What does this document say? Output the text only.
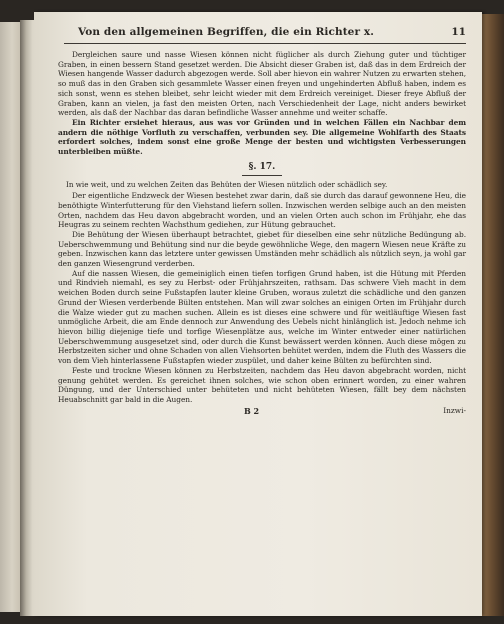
Von den allgemeinen Begriffen, die ein Richter x.	11

Dergleichen saure und nasse Wiesen können nicht füglicher als durch Ziehung guter und tüchtiger Graben, in einen bessern Stand gesetzet werden. Die Absicht dieser Graben ist, daß das in dem Erdreich der Wiesen hangende Wasser dadurch abgezogen werde. Soll aber hievon ein wahrer Nutzen zu erwarten stehen, so muß das in den Graben sich gesammlete Wasser einen freyen und ungehinderten Abfluß haben, indem es sich sonst, wenn es stehen bleibet, sehr leicht wieder mit dem Erdreich vereiniget. Dieser freye Abfluß der Graben, kann an vielen, ja fast den meisten Orten, nach Verschiedenheit der Lage, nicht anders bewirket werden, als daß der Nachbar das daran befindliche Wasser annehme und weiter schaffe.

Ein Richter ersiehet hieraus, aus was vor Gründen und in welchen Fällen ein Nachbar dem andern die nöthige Vorfluth zu verschaffen, verbunden sey. Die allgemeine Wohlfarth des Staats erfordert solches, indem sonst eine große Menge der besten und wichtigsten Verbesserungen unterbleiben müßte.

§. 17.

In wie weit, und zu welchen Zeiten das Behüten der Wiesen nützlich oder schädlich sey.

Der eigentliche Endzweck der Wiesen bestehet zwar darin, daß sie durch das darauf gewonnene Heu, die benöthigte Winterfutterung für den Viehstand liefern sollen. Inzwischen werden selbige auch an den meisten Orten, nachdem das Heu davon abgebracht worden, und an vielen Orten auch schon im Frühjahr, ehe das Heugras zu seinem rechten Wachsthum gediehen, zur Hütung gebrauchet.

Die Behütung der Wiesen überhaupt betrachtet, giebet für dieselben eine sehr nützliche Bedüngung ab. Ueberschwemmung und Behütung sind nur die beyde gewöhnliche Wege, den magern Wiesen neue Kräfte zu geben. Inzwischen kann das letztere unter gewissen Umständen mehr schädlich als nützlich seyn, ja wohl gar den ganzen Wiesengrund verderben.

Auf die nassen Wiesen, die gemeiniglich einen tiefen torfigen Grund haben, ist die Hütung mit Pferden und Rindvieh niemahl, es sey zu Herbst- oder Frühjahrszeiten, rathsam. Das schwere Vieh macht in dem weichen Boden durch seine Fußstapfen lauter kleine Gruben, woraus zuletzt die schädliche und den ganzen Grund der Wiesen verderbende Bülten entstehen. Man will zwar solches an einigen Orten im Frühjahr durch die Walze wieder gut zu machen suchen. Allein es ist dieses eine schwere und für weitläuftige Wiesen fast unmögliche Arbeit, die am Ende dennoch zur Anwendung des Uebels nicht hinlänglich ist. Jedoch nehme ich hievon billig diejenige tiefe und torfige Wiesenplätze aus, welche im Winter entweder einer natürlichen Ueberschwemmung ausgesetzet sind, oder durch die Kunst bewässert werden können. Auch diese mögen zu Herbstzeiten sicher und ohne Schaden von allen Viehsorten behütet werden, indem die Fluth des Wassers die von dem Vieh hinterlassene Fußstapfen wieder zuspület, und daher keine Bülten zu befürchten sind.

Feste und trockne Wiesen können zu Herbstzeiten, nachdem das Heu davon abgebracht worden, nicht genung gehütet werden. Es gereichet ihnen solches, wie schon oben erinnert worden, zu einer wahren Düngung, und der Unterschied unter behüteten und nicht behüteten Wiesen, fällt bey dem nächsten Heuabschnitt gar bald in die Augen.

B 2	Inzwi-
